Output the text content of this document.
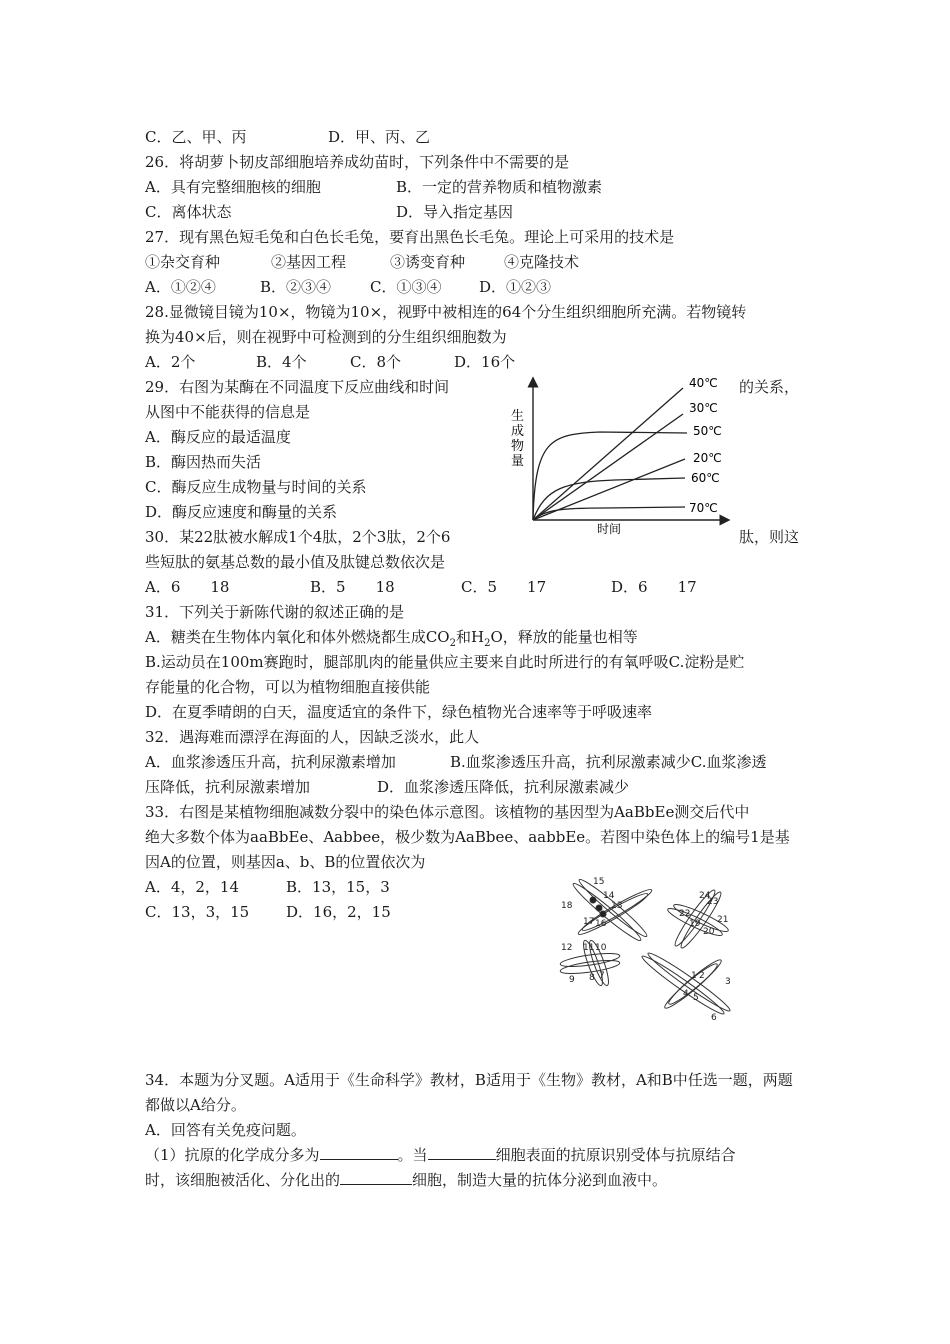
C．乙、甲、丙	D．甲、丙、乙
26．将胡萝卜韧皮部细胞培养成幼苗时，下列条件中不需要的是
A．具有完整细胞核的细胞	B．一定的营养物质和植物激素
C．离体状态	D．导入指定基因
27．现有黑色短毛兔和白色长毛兔，要育出黑色长毛兔。理论上可采用的技术是
①杂交育种	②基因工程	③诱变育种	④克隆技术
A．①②④	B．②③④	C．①③④	D．①②③
28.显微镜目镜为10×，物镜为10×，视野中被相连的64个分生组织细胞所充满。若物镜转
换为40×后，则在视野中可检测到的分生组织细胞数为
A．2个	B．4个	C．8个	D．16个
29．右图为某酶在不同温度下反应曲线和时间	的关系，
从图中不能获得的信息是
A．酶反应的最适温度
B．酶因热而失活
C．酶反应生成物量与时间的关系
D．酶反应速度和酶量的关系
生
成
物
量
时间
40℃
30℃
50℃
20℃
60℃
70℃
30．某22肽被水解成1个4肽，2个3肽，2个6	肽，则这
些短肽的氨基总数的最小值及肽键总数依次是
A．6　　18	B．5　　18	C．5　　17	D．6　　17
31．下列关于新陈代谢的叙述正确的是
A．糖类在生物体内氧化和体外燃烧都生成$CO_2$和$H_2O$，释放的能量也相等
B.运动员在100m赛跑时，腿部肌肉的能量供应主要来自此时所进行的有氧呼吸C.淀粉是贮
存能量的化合物，可以为植物细胞直接供能
D．在夏季晴朗的白天，温度适宜的条件下，绿色植物光合速率等于呼吸速率
32．遇海难而漂浮在海面的人，因缺乏淡水，此人
A．血浆渗透压升高，抗利尿激素增加	B.血浆渗透压升高，抗利尿激素减少C.血浆渗透
压降低，抗利尿激素增加	D．血浆渗透压降低，抗利尿激素减少
33．右图是某植物细胞减数分裂中的染色体示意图。该植物的基因型为AaBbEe测交后代中
绝大多数个体为aaBbEe、Aabbee，极少数为AaBbee、aabbEe。若图中染色体上的编号1是基
因A的位置，则基因a、b、B的位置依次为
A．4，2，14	B．13，15，3
C．13，3，15 D．16，2，15
15
14
13
18
17 16
24
23
22
21
20
19
12 11 10
9 8 7	1 2
3
4 5
6
34．本题为分叉题。A适用于《生命科学》教材，B适用于《生物》教材，A和B中任选一题，两题
都做以A给分。
A．回答有关免疫问题。
（1）抗原的化学成分多为	。当	细胞表面的抗原识别受体与抗原结合
时，该细胞被活化、分化出的	细胞，制造大量的抗体分泌到血液中。
